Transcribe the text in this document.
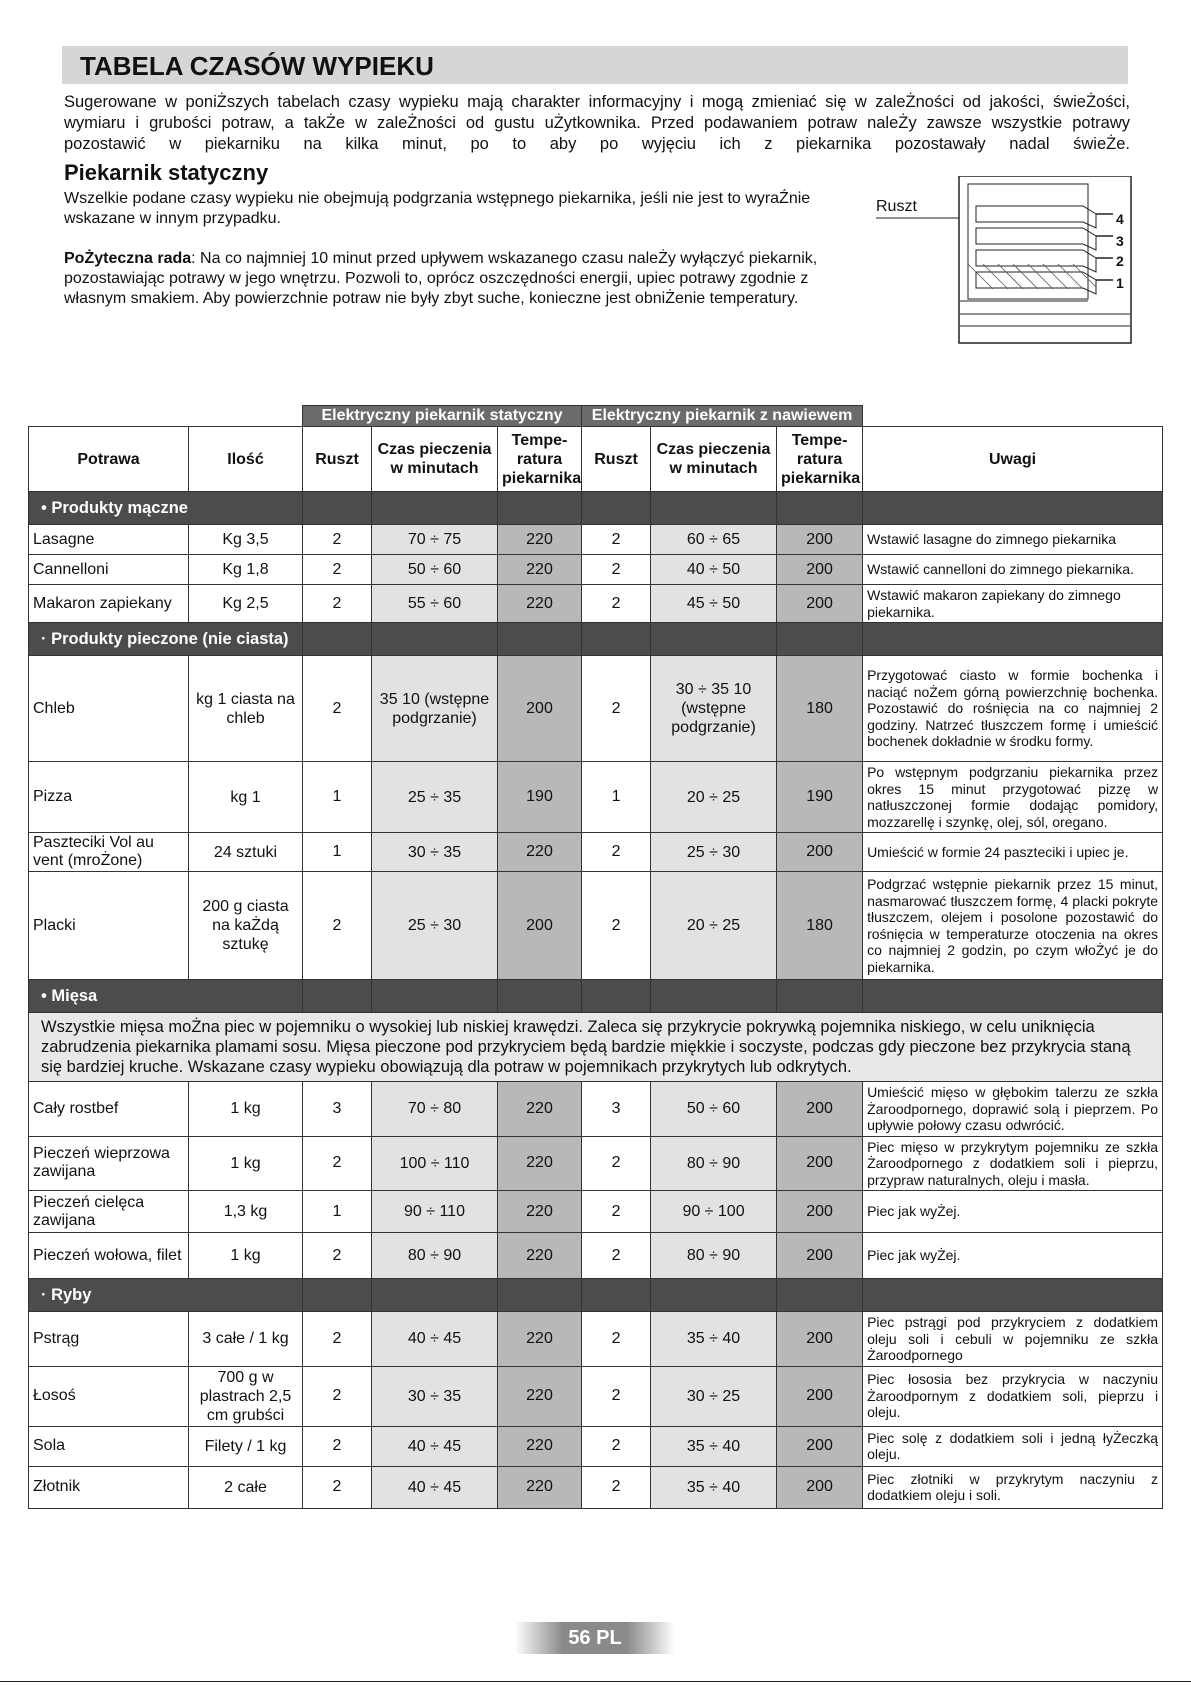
TABELA CZASÓW WYPIEKU

Sugerowane w poniŻszych tabelach czasy wypieku mają charakter informacyjny i mogą zmieniać się w zaleŻności od jakości, świeŻości,

wymiaru i grubości potraw, a takŻe w zaleŻności od gustu uŻytkownika. Przed podawaniem potraw naleŻy zawsze wszystkie potrawy

pozostawić w piekarniku na kilka minut, po to aby po wyjęciu ich z piekarnika pozostawały nadal świeŻe.

Piekarnik statyczny

Wszelkie podane czasy wypieku nie obejmują podgrzania wstępnego piekarnika, jeśli nie jest to wyraŹnie wskazane w innym przypadku.

PoŻyteczna rada: Na co najmniej 10 minut przed upływem wskazanego czasu naleŻy wyłączyć piekarnik, pozostawiając potrawy w jego wnętrzu. Pozwoli to, oprócz oszczędności energii, upiec potrawy zgodnie z własnym smakiem. Aby powierzchnie potraw nie były zbyt suche, konieczne jest obniŻenie temperatury.

Ruszt
4
3
2
1
		Elektryczny piekarnik statyczny			Elektryczny piekarnik z nawiewem			
Potrawa	Ilość	Ruszt	Czas pieczenia w minutach	Tempe- ratura piekarnika	Ruszt	Czas pieczenia w minutach	Tempe- ratura piekarnika	Uwagi
• Produkty mączne								
Lasagne	Kg 3,5	2	70 ÷ 75	220	2	60 ÷ 65	200	Wstawić lasagne do zimnego piekarnika
Cannelloni	Kg 1,8	2	50 ÷ 60	220	2	40 ÷ 50	200	Wstawić cannelloni do zimnego piekarnika.
Makaron zapiekany	Kg 2,5	2	55 ÷ 60	220	2	45 ÷ 50	200	Wstawić makaron zapiekany do zimnego piekarnika.
· Produkty pieczone (nie ciasta)								
Chleb	kg 1 ciasta na chleb	2	35 10 (wstępne podgrzanie)	200	2	30 ÷ 35 10 (wstępne podgrzanie)	180	Przygotować ciasto w formie bochenka i naciąć noŻem górną powierzchnię bochenka. Pozostawić do rośnięcia na co najmniej 2 godziny. Natrzeć tłuszczem formę i umieścić bochenek dokładnie w środku formy.
Pizza	kg 1	1	25 ÷ 35	190	1	20 ÷ 25	190	Po wstępnym podgrzaniu piekarnika przez okres 15 minut przygotować pizzę w natłuszczonej formie dodając pomidory, mozzarellę i szynkę, olej, sól, oregano.
Paszteciki Vol au vent (mroŻone)	24 sztuki	1	30 ÷ 35	220	2	25 ÷ 30	200	Umieścić w formie 24 paszteciki i upiec je.
Placki	200 g ciasta na kaŻdą sztukę	2	25 ÷ 30	200	2	20 ÷ 25	180	Podgrzać wstępnie piekarnik przez 15 minut, nasmarować tłuszczem formę, 4 placki pokryte tłuszczem, olejem i posolone pozostawić do rośnięcia w temperaturze otoczenia na okres co najmniej 2 godzin, po czym włoŻyć je do piekarnika.
• Mięsa								
Wszystkie mięsa moŻna piec w pojemniku o wysokiej lub niskiej krawędzi. Zaleca się przykrycie pokrywką pojemnika niskiego, w celu uniknięcia zabrudzenia piekarnika plamami sosu. Mięsa pieczone pod przykryciem będą bardzie miękkie i soczyste, podczas gdy pieczone bez przykrycia staną się bardziej kruche. Wskazane czasy wypieku obowiązują dla potraw w pojemnikach przykrytych lub odkrytych.								
Cały rostbef	1 kg	3	70 ÷ 80	220	3	50 ÷ 60	200	Umieścić mięso w głębokim talerzu ze szkła Żaroodpornego, doprawić solą i pieprzem. Po upływie połowy czasu odwrócić.
Pieczeń wieprzowa zawijana	1 kg	2	100 ÷ 110	220	2	80 ÷ 90	200	Piec mięso w przykrytym pojemniku ze szkła Żaroodpornego z dodatkiem soli i pieprzu, przypraw naturalnych, oleju i masła.
Pieczeń cielęca zawijana	1,3 kg	1	90 ÷ 110	220	2	90 ÷ 100	200	Piec jak wyŻej.
Pieczeń wołowa, filet	1 kg	2	80 ÷ 90	220	2	80 ÷ 90	200	Piec jak wyŻej.
· Ryby								
Pstrąg	3 całe / 1 kg	2	40 ÷ 45	220	2	35 ÷ 40	200	Piec pstrągi pod przykryciem z dodatkiem oleju soli i cebuli w pojemniku ze szkła Żaroodpornego
Łosoś	700 g w plastrach 2,5 cm grubści	2	30 ÷ 35	220	2	30 ÷ 25	200	Piec łososia bez przykrycia w naczyniu Żaroodpornym z dodatkiem soli, pieprzu i oleju.
Sola	Filety / 1 kg	2	40 ÷ 45	220	2	35 ÷ 40	200	Piec solę z dodatkiem soli i jedną łyŻeczką oleju.
Złotnik	2 całe	2	40 ÷ 45	220	2	35 ÷ 40	200	Piec złotniki w przykrytym naczyniu z dodatkiem oleju i soli.
56 PL
